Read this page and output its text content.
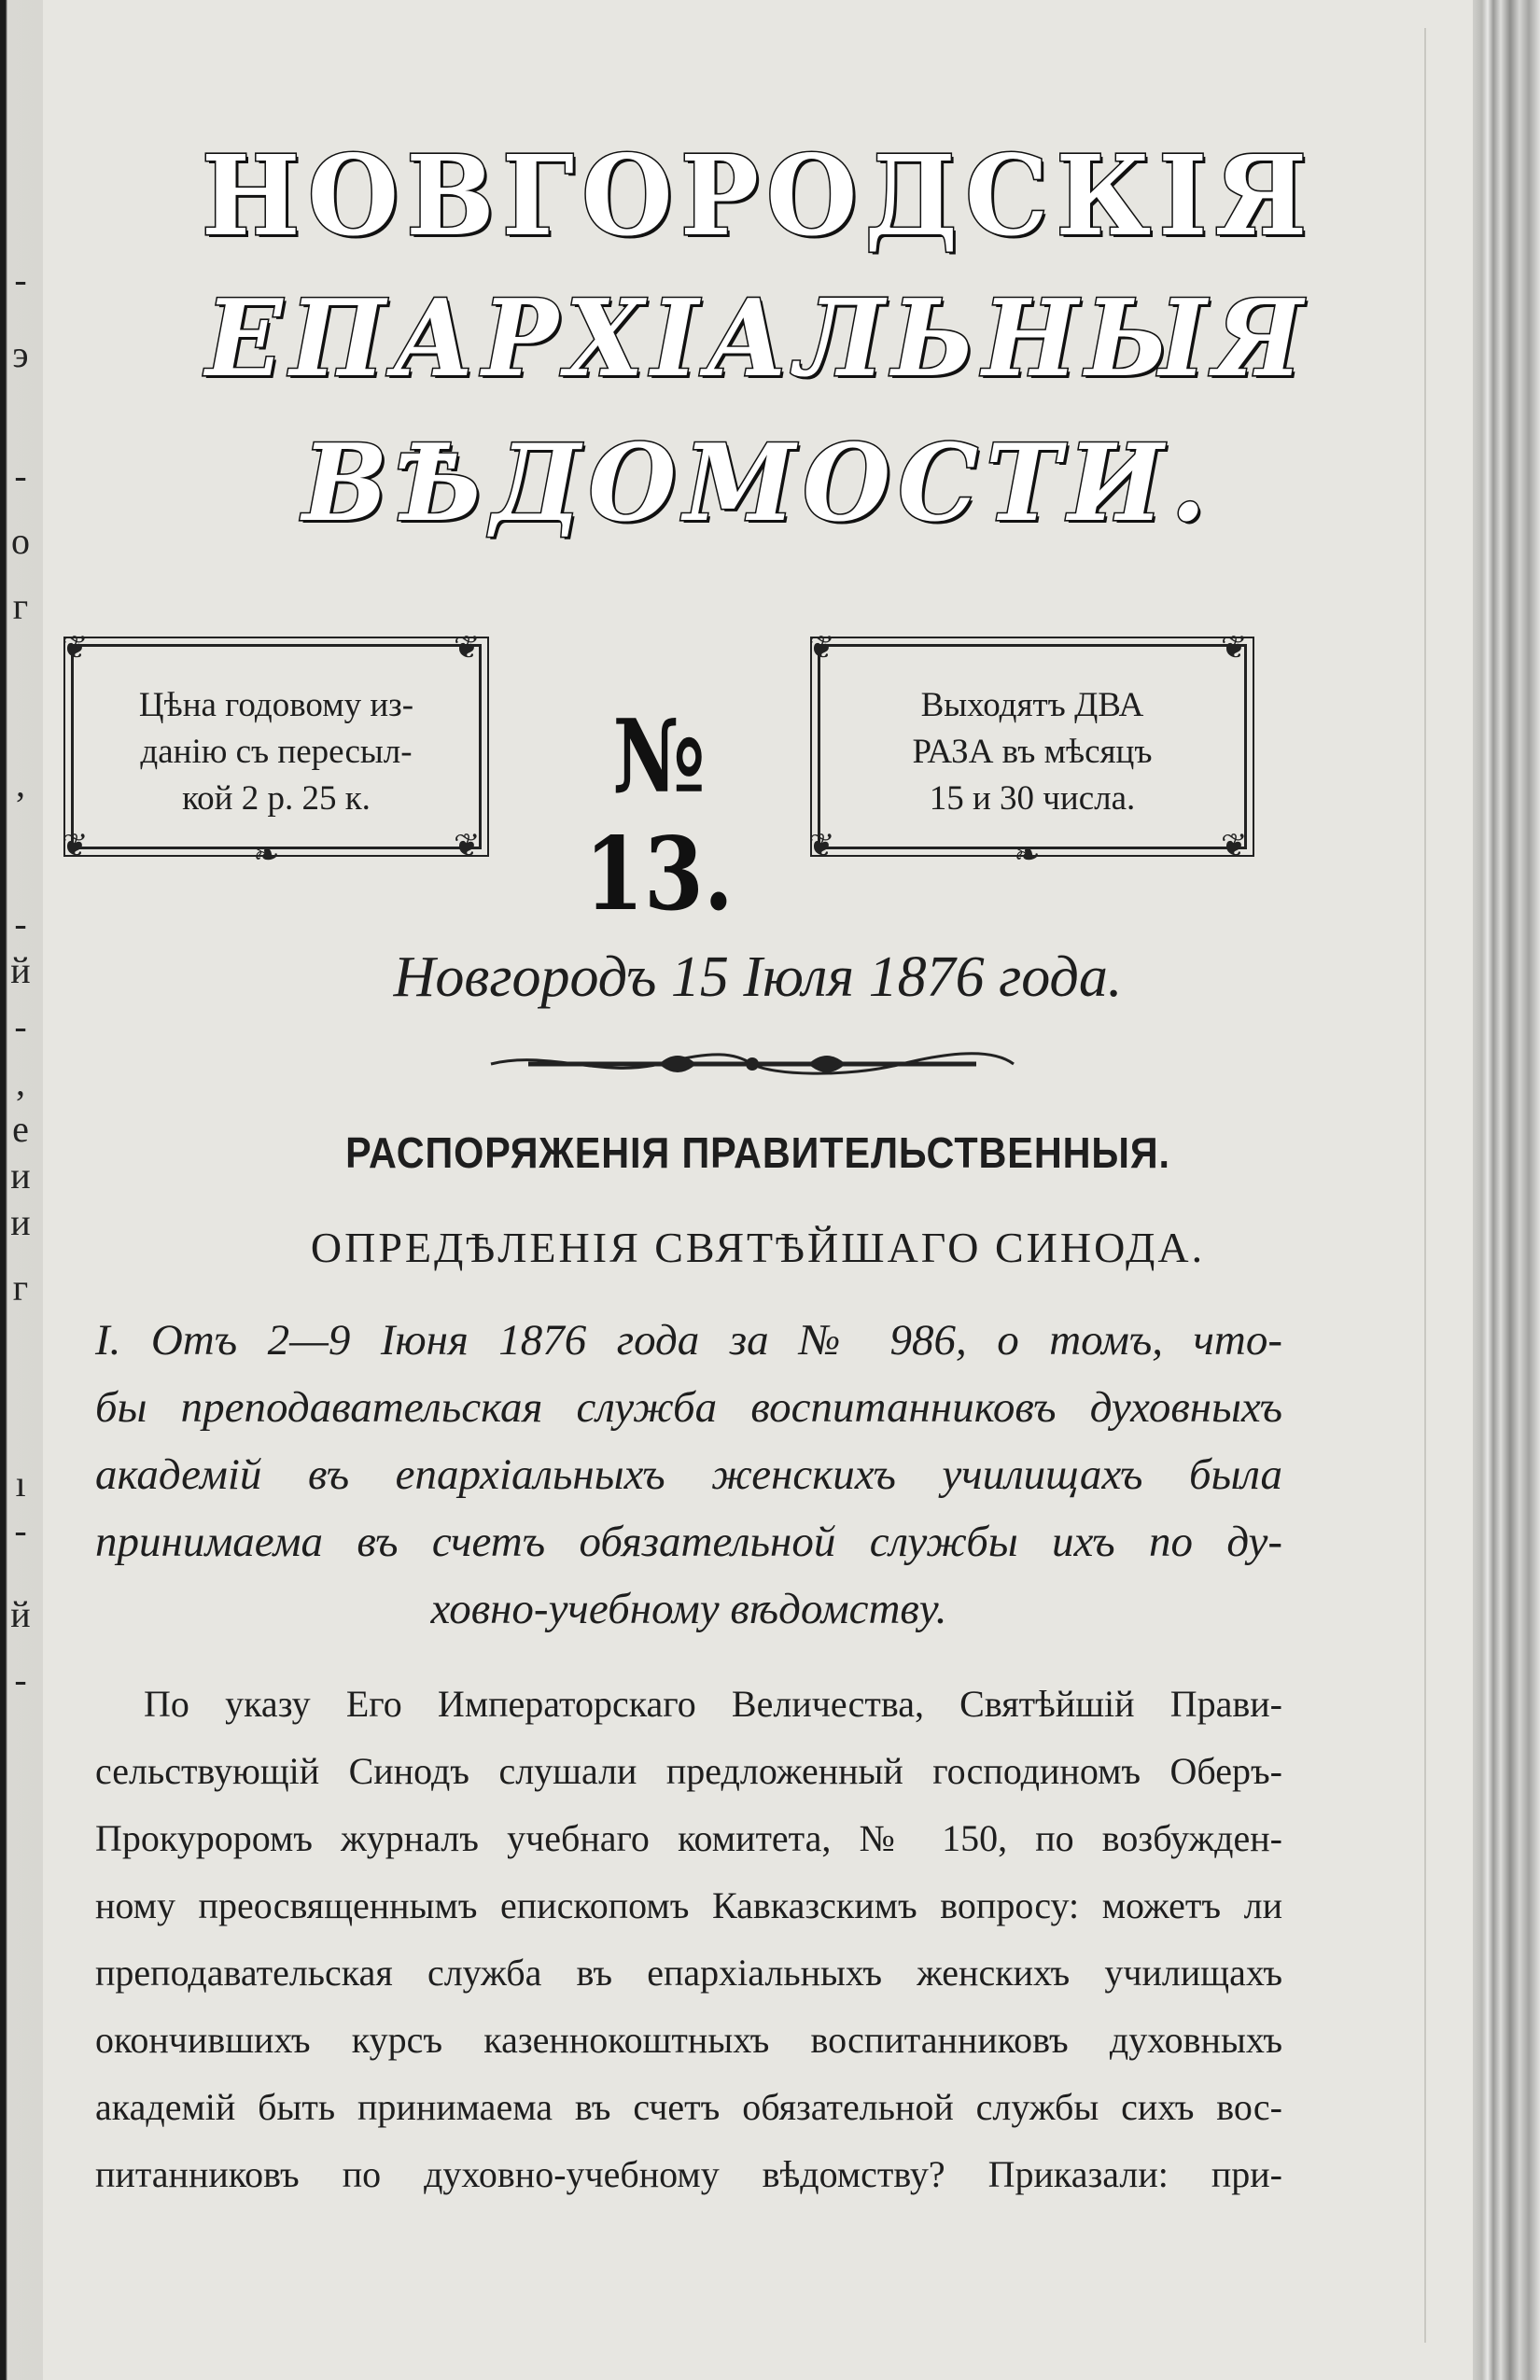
-
э
-
о
г
,
-
й
-
,
е
и
и
г
ı
-
й
-
НОВГОРОДСКІЯ
ЕПАРХІАЛЬНЫЯ
ВѢДОМОСТИ.
Цѣна годовому из-
данію съ пересыл-
кой 2 р. 25 к.
❦	❦
❦	❦
❧
№ 13.
Выходятъ ДВА
РАЗА въ мѣсяцъ
15 и 30 числа.
❦	❦
❦	❦
❧
Новгородъ 15 Іюля 1876 года.
РАСПОРЯЖЕНІЯ ПРАВИТЕЛЬСТВЕННЫЯ.
ОПРЕДѢЛЕНІЯ СВЯТѢЙШАГО СИНОДА.
I. Отъ 2—9 Іюня 1876 года за № 986, о томъ, что-
бы преподавательская служба воспитанниковъ духовныхъ
академій въ епархіальныхъ женскихъ училищахъ была
принимаема въ счетъ обязательной службы ихъ по ду-
ховно-учебному вѣдомству.
По указу Его Императорскаго Величества, Святѣйшій Прави-
сельствующій Синодъ слушали предложенный господиномъ Оберъ-
Прокуроромъ журналъ учебнаго комитета, № 150, по возбужден-
ному преосвященнымъ епископомъ Кавказскимъ вопросу: можетъ ли
преподавательская служба въ епархіальныхъ женскихъ училищахъ
окончившихъ курсъ казеннокоштныхъ воспитанниковъ духовныхъ
академій быть принимаема въ счетъ обязательной службы сихъ вос-
питанниковъ по духовно-учебному вѣдомству? Приказали: при-
